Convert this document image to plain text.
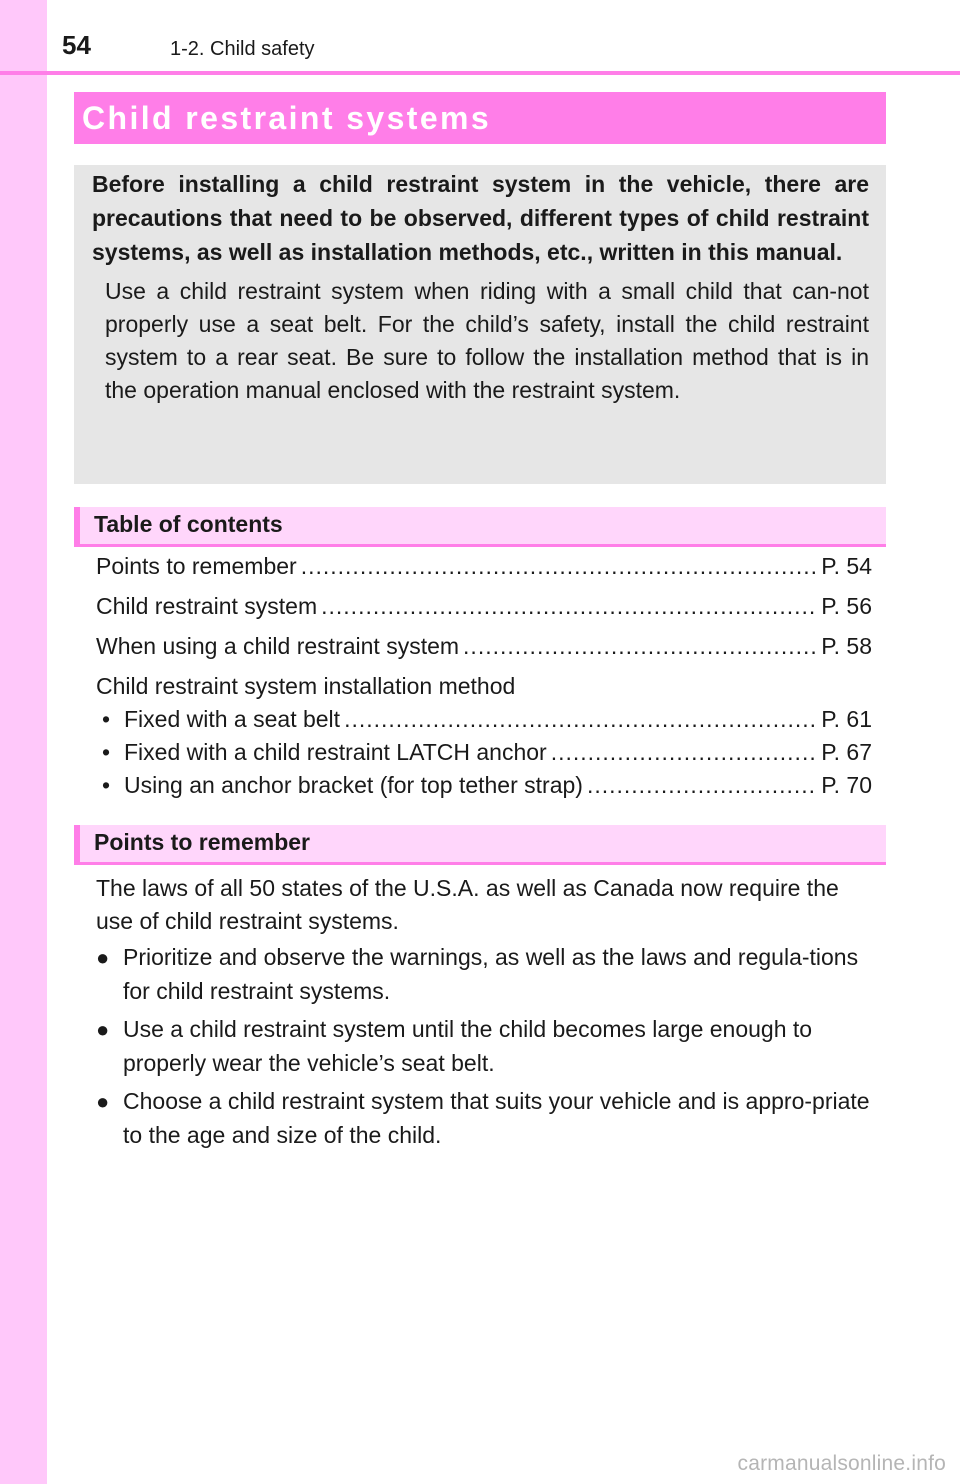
54	1-2. Child safety
Child restraint systems

Before installing a child restraint system in the vehicle, there are precautions that need to be observed, different types of child restraint systems, as well as installation methods, etc., written in this manual.

Use a child restraint system when riding with a small child that can-not properly use a seat belt. For the child’s safety, install the child restraint system to a rear seat. Be sure to follow the installation method that is in the operation manual enclosed with the restraint system.

Table of contents
Points to remember .....	P. 54
Child restraint system .....	P. 56
When using a child restraint system .....	P. 58
Child restraint system installation method
• Fixed with a seat belt .....	P. 61
• Fixed with a child restraint LATCH anchor .....	P. 67
• Using an anchor bracket (for top tether strap) .....	P. 70
Points to remember

The laws of all 50 states of the U.S.A. as well as Canada now require the use of child restraint systems.

● Prioritize and observe the warnings, as well as the laws and regula-tions for child restraint systems.
● Use a child restraint system until the child becomes large enough to properly wear the vehicle’s seat belt.
● Choose a child restraint system that suits your vehicle and is appro-priate to the age and size of the child.
carmanualsonline.info
